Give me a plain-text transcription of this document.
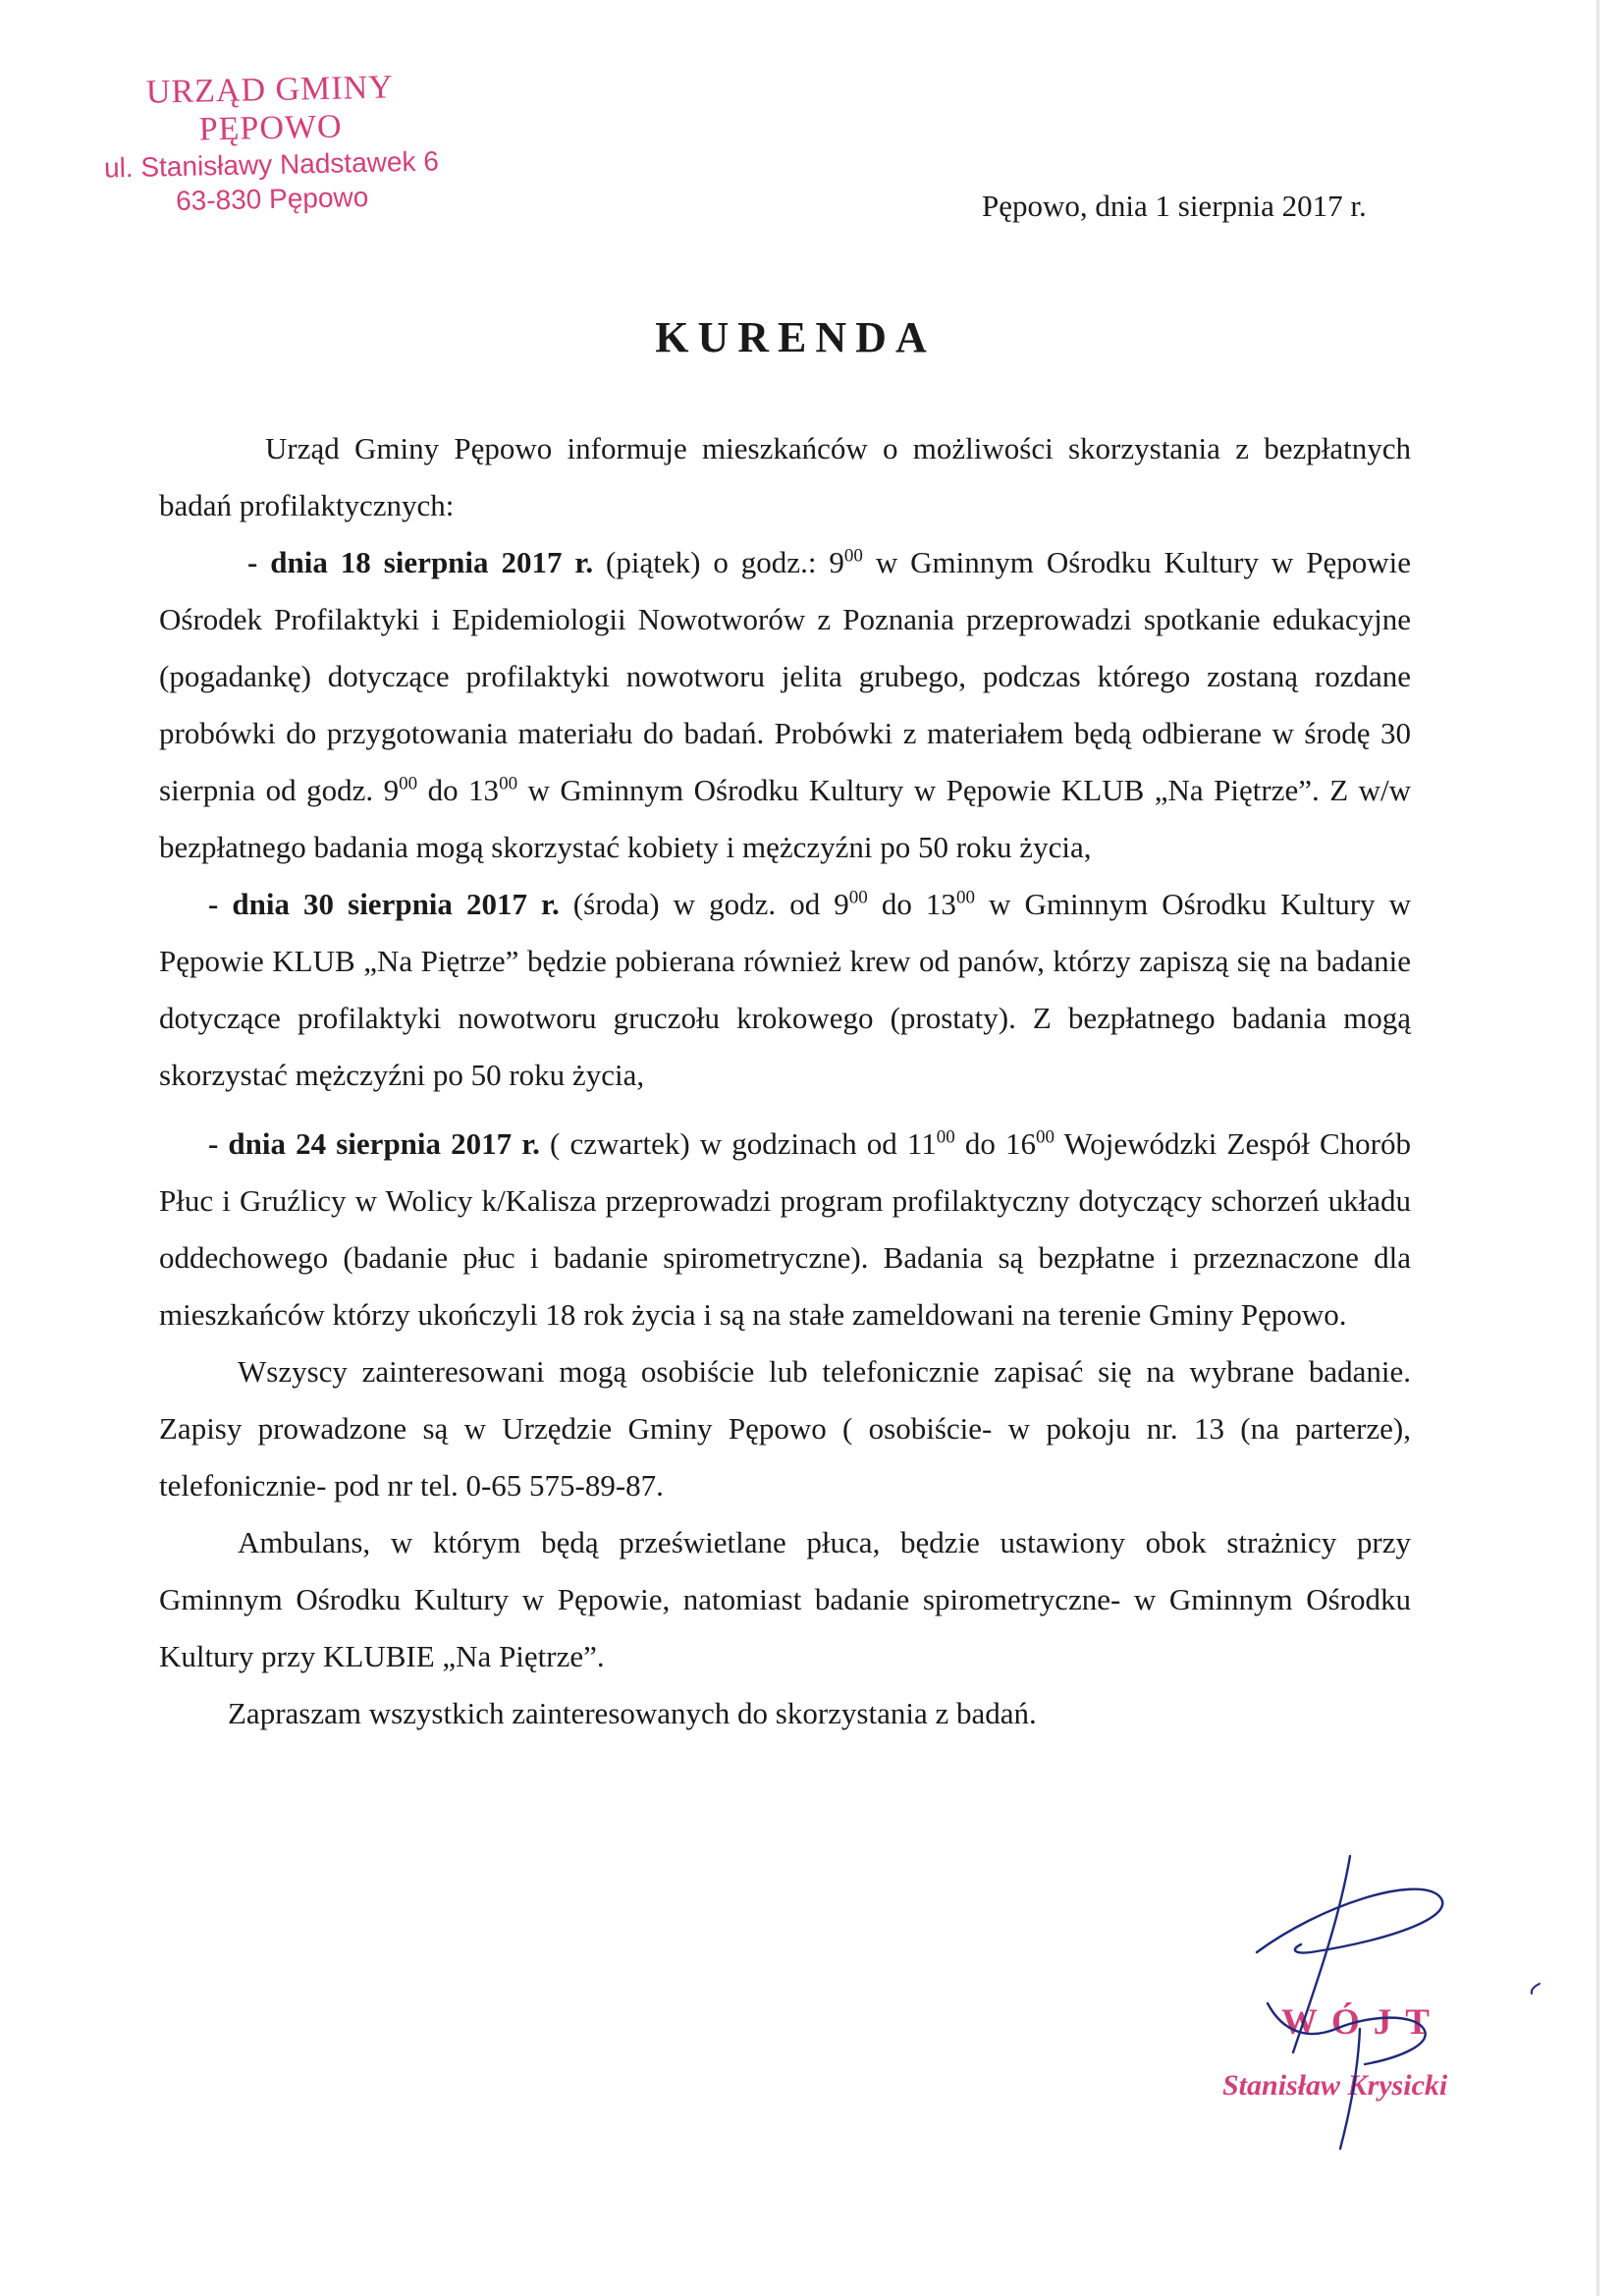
URZĄD GMINY
PĘPOWO
ul. Stanisławy Nadstawek 6
63-830 Pępowo	Pępowo, dnia 1 sierpnia 2017 r.
KURENDA

Urząd Gminy Pępowo informuje mieszkańców o możliwości skorzystania z bezpłatnych badań profilaktycznych:

- dnia 18 sierpnia 2017 r. (piątek) o godz.: $9^{00}$ w Gminnym Ośrodku Kultury w Pępowie Ośrodek Profilaktyki i Epidemiologii Nowotworów z Poznania przeprowadzi spotkanie edukacyjne (pogadankę) dotyczące profilaktyki nowotworu jelita grubego, podczas którego zostaną rozdane probówki do przygotowania materiału do badań. Probówki z materiałem będą odbierane w środę 30 sierpnia od godz. $9^{00}$ do $13^{00}$ w Gminnym Ośrodku Kultury w Pępowie KLUB „Na Piętrze”. Z w/w bezpłatnego badania mogą skorzystać kobiety i mężczyźni po 50 roku życia,

- dnia 30 sierpnia 2017 r. (środa) w godz. od $9^{00}$ do $13^{00}$ w Gminnym Ośrodku Kultury w Pępowie KLUB „Na Piętrze” będzie pobierana również krew od panów, którzy zapiszą się na badanie dotyczące profilaktyki nowotworu gruczołu krokowego (prostaty). Z bezpłatnego badania mogą skorzystać mężczyźni po 50 roku życia,

- dnia 24 sierpnia 2017 r. ( czwartek) w godzinach od $11^{00}$ do $16^{00}$ Wojewódzki Zespół Chorób Płuc i Gruźlicy w Wolicy k/Kalisza przeprowadzi program profilaktyczny dotyczący schorzeń układu oddechowego (badanie płuc i badanie spirometryczne). Badania są bezpłatne i przeznaczone dla mieszkańców którzy ukończyli 18 rok życia i są na stałe zameldowani na terenie Gminy Pępowo.

Wszyscy zainteresowani mogą osobiście lub telefonicznie zapisać się na wybrane badanie. Zapisy prowadzone są w Urzędzie Gminy Pępowo ( osobiście- w pokoju nr. 13 (na parterze), telefonicznie- pod nr tel. 0-65 575-89-87.

Ambulans, w którym będą prześwietlane płuca, będzie ustawiony obok strażnicy przy Gminnym Ośrodku Kultury w Pępowie, natomiast badanie spirometryczne- w Gminnym Ośrodku Kultury przy KLUBIE „Na Piętrze”.

Zapraszam wszystkich zainteresowanych do skorzystania z badań.

WÓJT
Stanisław Krysicki
